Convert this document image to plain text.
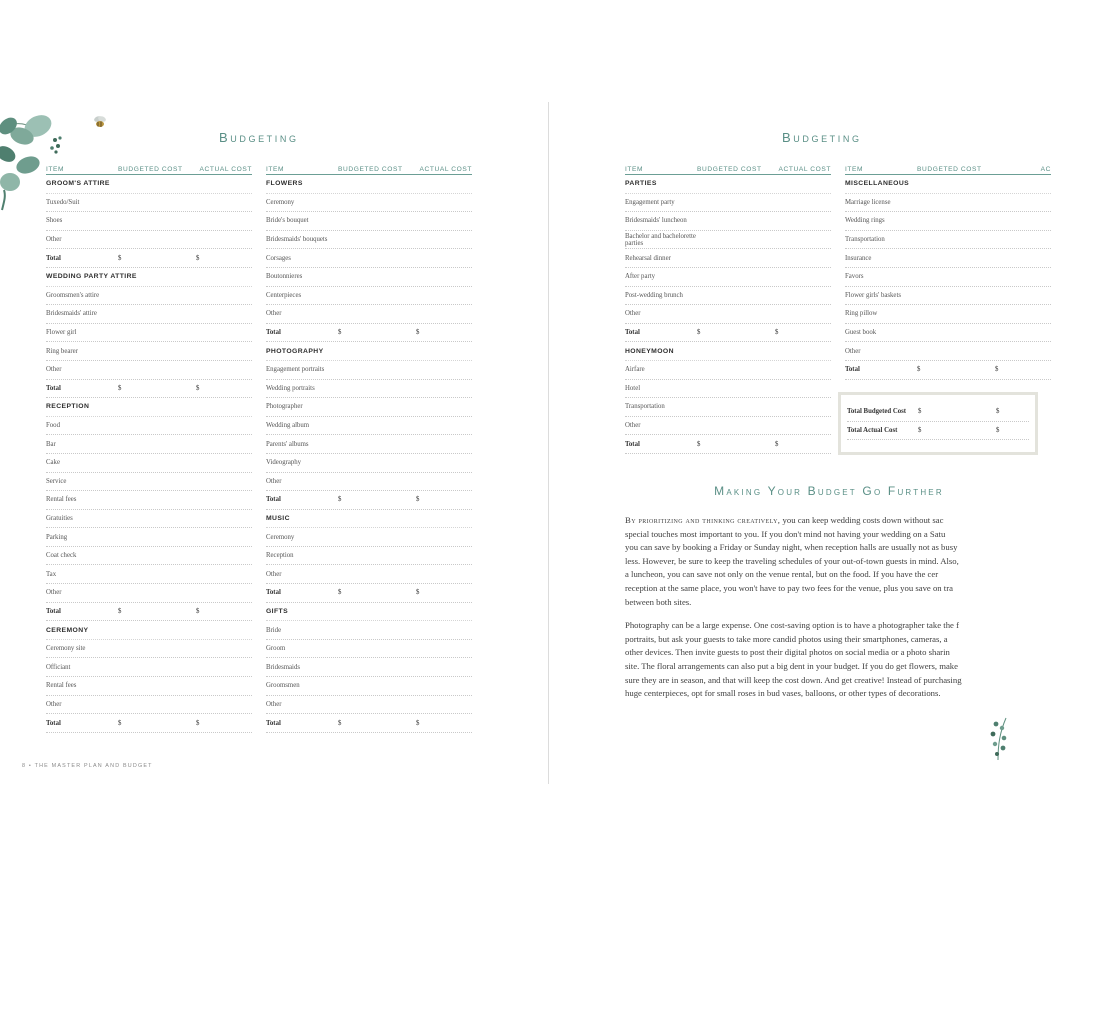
Budgeting
ITEM	BUDGETED COST	ACTUAL COST
GROOM'S ATTIRE
Tuxedo/Suit
Shoes
Other
Total	$	$
WEDDING PARTY ATTIRE
Groomsmen's attire
Bridesmaids' attire
Flower girl
Ring bearer
Other
Total	$	$
RECEPTION
Food
Bar
Cake
Service
Rental fees
Gratuities
Parking
Coat check
Tax
Other
Total	$	$
CEREMONY
Ceremony site
Officiant
Rental fees
Other
Total	$	$
ITEM	BUDGETED COST	ACTUAL COST
FLOWERS
Ceremony
Bride's bouquet
Bridesmaids' bouquets
Corsages
Boutonnieres
Centerpieces
Other
Total	$	$
PHOTOGRAPHY
Engagement portraits
Wedding portraits
Photographer
Wedding album
Parents' albums
Videography
Other
Total	$	$
MUSIC
Ceremony
Reception
Other
Total	$	$
GIFTS
Bride
Groom
Bridesmaids
Groomsmen
Other
Total	$	$
8 • THE MASTER PLAN AND BUDGET
Budgeting
ITEM	BUDGETED COST	ACTUAL COST
PARTIES
Engagement party
Bridesmaids' luncheon
Bachelor and bachelorette parties
Rehearsal dinner
After party
Post-wedding brunch
Other
Total	$	$
HONEYMOON
Airfare
Hotel
Transportation
Other
Total	$	$
ITEM	BUDGETED COST	AC
MISCELLANEOUS
Marriage license
Wedding rings
Transportation
Insurance
Favors
Flower girls' baskets
Ring pillow
Guest book
Other
Total	$	$
Total Budgeted Cost	$	$
Total Actual Cost	$	$
Making Your Budget Go Further

By prioritizing and thinking creatively, you can keep wedding costs down without sac
special touches most important to you. If you don't mind not having your wedding on a Satu
you can save by booking a Friday or Sunday night, when reception halls are usually not as busy
less. However, be sure to keep the traveling schedules of your out-of-town guests in mind. Also,
a luncheon, you can save not only on the venue rental, but on the food. If you have the cer
reception at the same place, you won't have to pay two fees for the venue, plus you save on tra
between both sites.

Photography can be a large expense. One cost-saving option is to have a photographer take the f
portraits, but ask your guests to take more candid photos using their smartphones, cameras, a
other devices. Then invite guests to post their digital photos on social media or a photo sharin
site. The floral arrangements can also put a big dent in your budget. If you do get flowers, make
sure they are in season, and that will keep the cost down. And get creative! Instead of purchasing
huge centerpieces, opt for small roses in bud vases, balloons, or other types of decorations.
